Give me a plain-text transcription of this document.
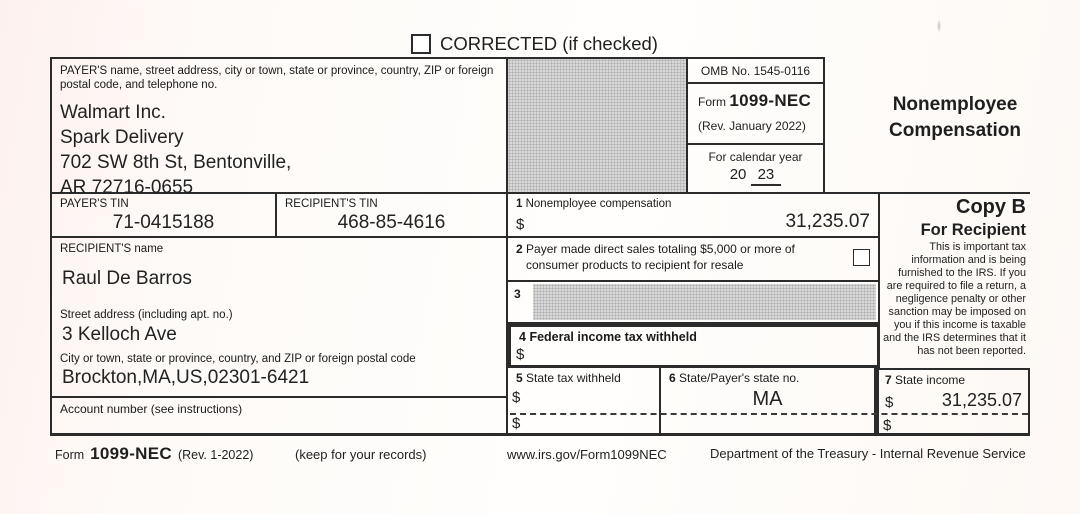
CORRECTED (if checked)
PAYER'S name, street address, city or town, state or province, country, ZIP or foreign postal code, and telephone no.
Walmart Inc.
Spark Delivery
702 SW 8th St, Bentonville,
AR 72716-0655
OMB No. 1545-0116
Form 1099-NEC
(Rev. January 2022)
For calendar year
20 23
Nonemployee
Compensation
PAYER'S TIN
71-0415188
RECIPIENT'S TIN
468-85-4616
1 Nonemployee compensation
$	31,235.07
Copy B
For Recipient
This is important tax information and is being furnished to the IRS. If you are required to file a return, a negligence penalty or other sanction may be imposed on you if this income is taxable and the IRS determines that it has not been reported.
RECIPIENT'S name
Raul De Barros
Street address (including apt. no.)
3 Kelloch Ave
City or town, state or province, country, and ZIP or foreign postal code
Brockton,MA,US,02301-6421
Account number (see instructions)
2 Payer made direct sales totaling $5,000 or more of
consumer products to recipient for resale
3
4 Federal income tax withheld
$
5 State tax withheld
$
$
6 State/Payer's state no.
MA
7 State income
$	31,235.07
$
Form 1099-NEC (Rev. 1-2022)	(keep for your records)	www.irs.gov/Form1099NEC	Department of the Treasury - Internal Revenue Service
